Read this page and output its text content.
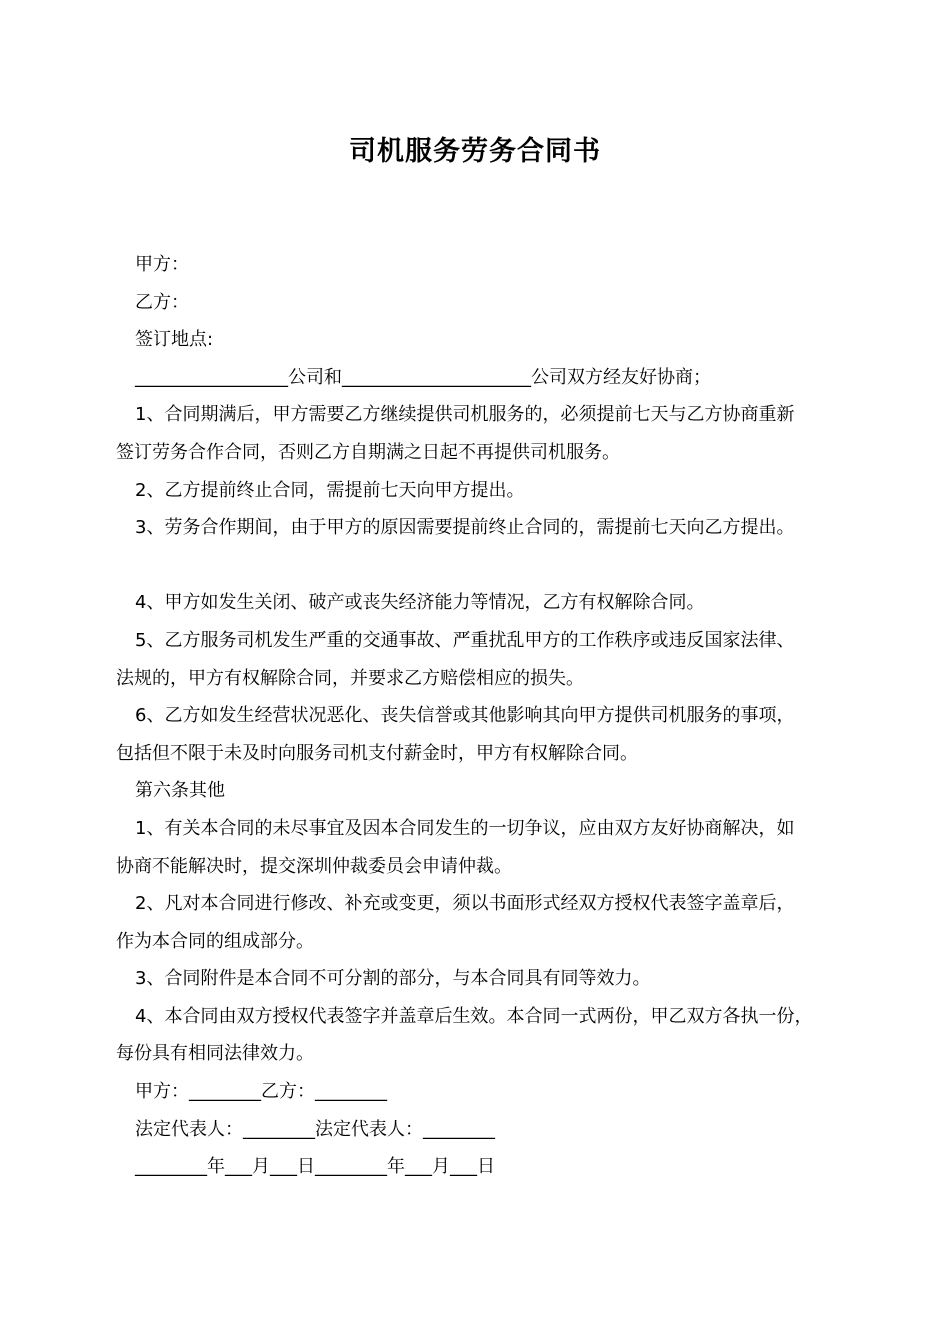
司机服务劳务合同书

甲方：

乙方：

签订地点:

_________________公司和_____________________公司双方经友好协商；

1、合同期满后，甲方需要乙方继续提供司机服务的，必须提前七天与乙方协商重新

签订劳务合作合同，否则乙方自期满之日起不再提供司机服务。

2、乙方提前终止合同，需提前七天向甲方提出。

3、劳务合作期间，由于甲方的原因需要提前终止合同的，需提前七天向乙方提出。

4、甲方如发生关闭、破产或丧失经济能力等情况，乙方有权解除合同。

5、乙方服务司机发生严重的交通事故、严重扰乱甲方的工作秩序或违反国家法律、

法规的，甲方有权解除合同，并要求乙方赔偿相应的损失。

6、乙方如发生经营状况恶化、丧失信誉或其他影响其向甲方提供司机服务的事项，

包括但不限于未及时向服务司机支付薪金时，甲方有权解除合同。

第六条其他

1、有关本合同的未尽事宜及因本合同发生的一切争议，应由双方友好协商解决，如

协商不能解决时，提交深圳仲裁委员会申请仲裁。

2、凡对本合同进行修改、补充或变更，须以书面形式经双方授权代表签字盖章后，

作为本合同的组成部分。

3、合同附件是本合同不可分割的部分，与本合同具有同等效力。

4、本合同由双方授权代表签字并盖章后生效。本合同一式两份，甲乙双方各执一份，

每份具有相同法律效力。

甲方：________乙方：________

法定代表人：________法定代表人：________

________年___月___日________年___月___日
